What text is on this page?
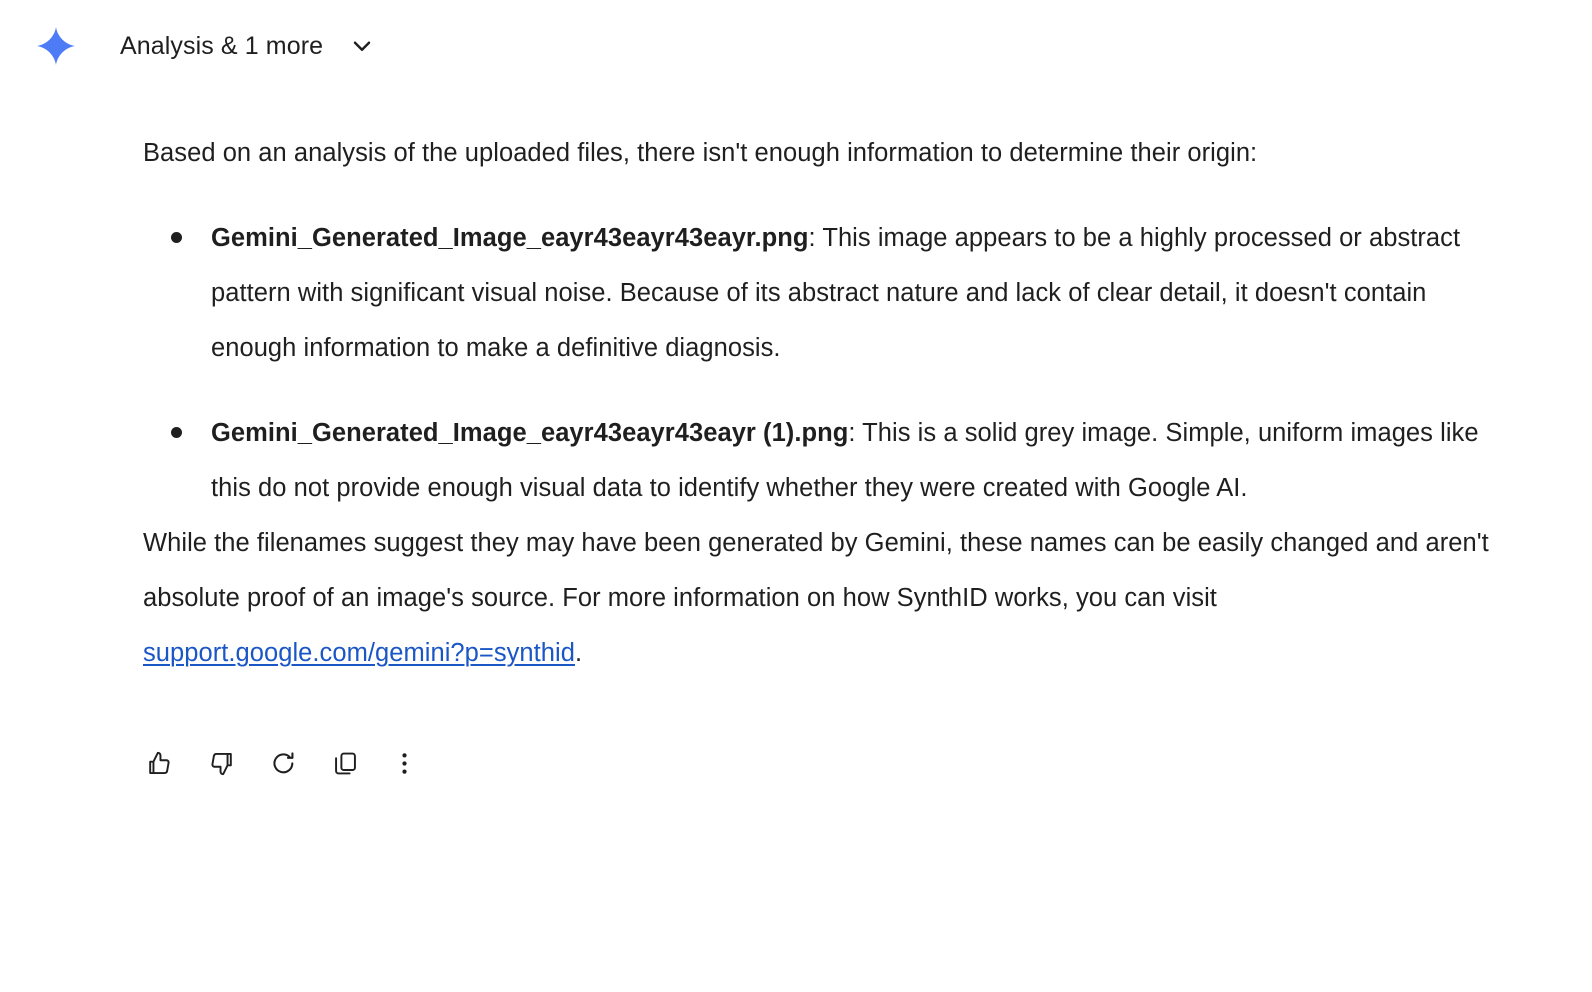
Analysis & 1 more

Based on an analysis of the uploaded files, there isn't enough information to determine their origin:

Gemini_Generated_Image_eayr43eayr43eayr.png: This image appears to be a highly processed or abstract pattern with significant visual noise. Because of its abstract nature and lack of clear detail, it doesn't contain enough information to make a definitive diagnosis.
Gemini_Generated_Image_eayr43eayr43eayr (1).png: This is a solid grey image. Simple, uniform images like this do not provide enough visual data to identify whether they were created with Google AI.

While the filenames suggest they may have been generated by Gemini, these names can be easily changed and aren't absolute proof of an image's source. For more information on how SynthID works, you can visit support.google.com/gemini?p=synthid.
